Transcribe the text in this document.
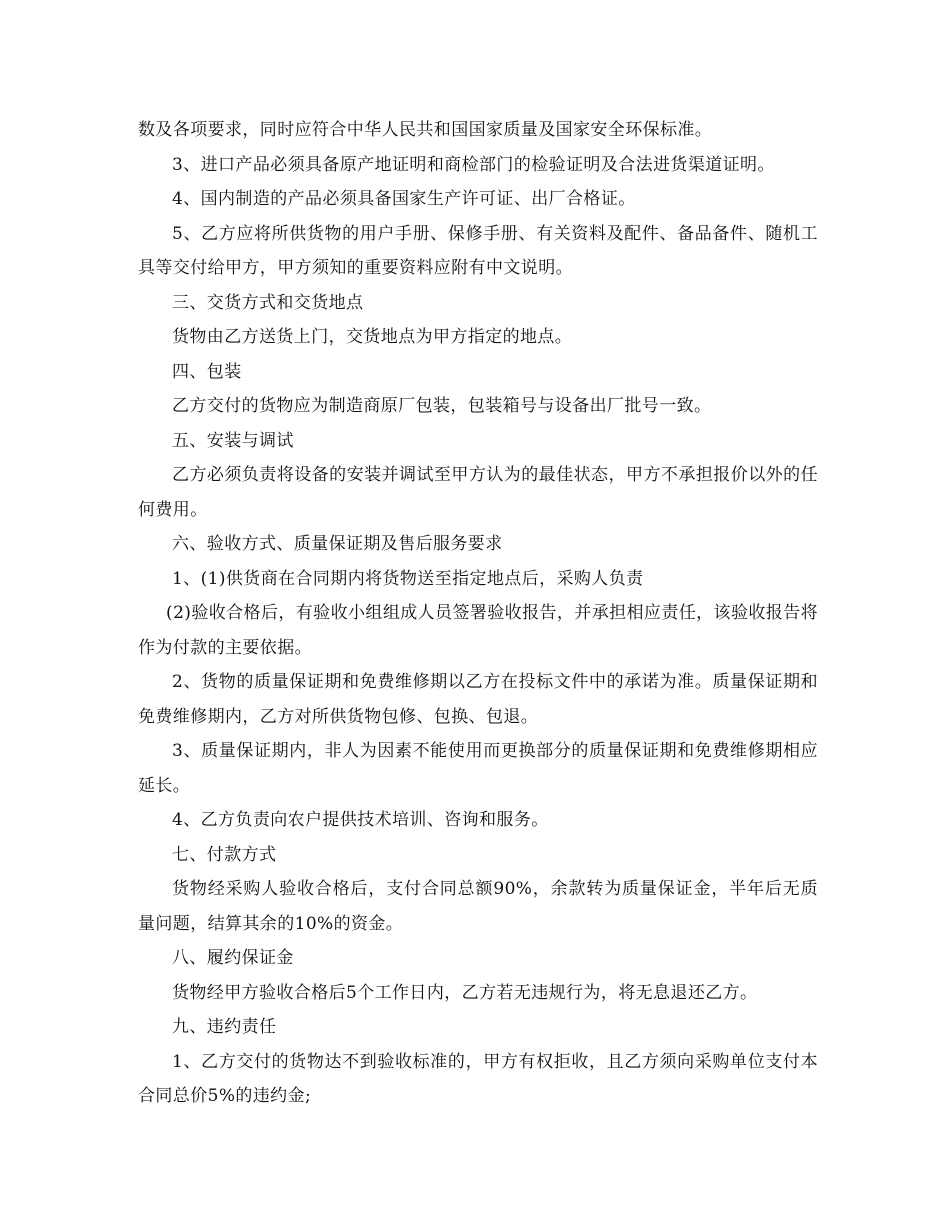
数及各项要求，同时应符合中华人民共和国国家质量及国家安全环保标准。

3、进口产品必须具备原产地证明和商检部门的检验证明及合法进货渠道证明。

4、国内制造的产品必须具备国家生产许可证、出厂合格证。

5、乙方应将所供货物的用户手册、保修手册、有关资料及配件、备品备件、随机工具等交付给甲方，甲方须知的重要资料应附有中文说明。

三、交货方式和交货地点

货物由乙方送货上门，交货地点为甲方指定的地点。

四、包装

乙方交付的货物应为制造商原厂包装，包装箱号与设备出厂批号一致。

五、安装与调试

乙方必须负责将设备的安装并调试至甲方认为的最佳状态，甲方不承担报价以外的任何费用。

六、验收方式、质量保证期及售后服务要求

1、(1)供货商在合同期内将货物送至指定地点后，采购人负责

(2)验收合格后，有验收小组组成人员签署验收报告，并承担相应责任，该验收报告将作为付款的主要依据。

2、货物的质量保证期和免费维修期以乙方在投标文件中的承诺为准。质量保证期和免费维修期内，乙方对所供货物包修、包换、包退。

3、质量保证期内，非人为因素不能使用而更换部分的质量保证期和免费维修期相应延长。

4、乙方负责向农户提供技术培训、咨询和服务。

七、付款方式

货物经采购人验收合格后，支付合同总额90%，余款转为质量保证金，半年后无质量问题，结算其余的10%的资金。

八、履约保证金

货物经甲方验收合格后5个工作日内，乙方若无违规行为，将无息退还乙方。

九、违约责任

1、乙方交付的货物达不到验收标准的，甲方有权拒收，且乙方须向采购单位支付本合同总价5%的违约金;
